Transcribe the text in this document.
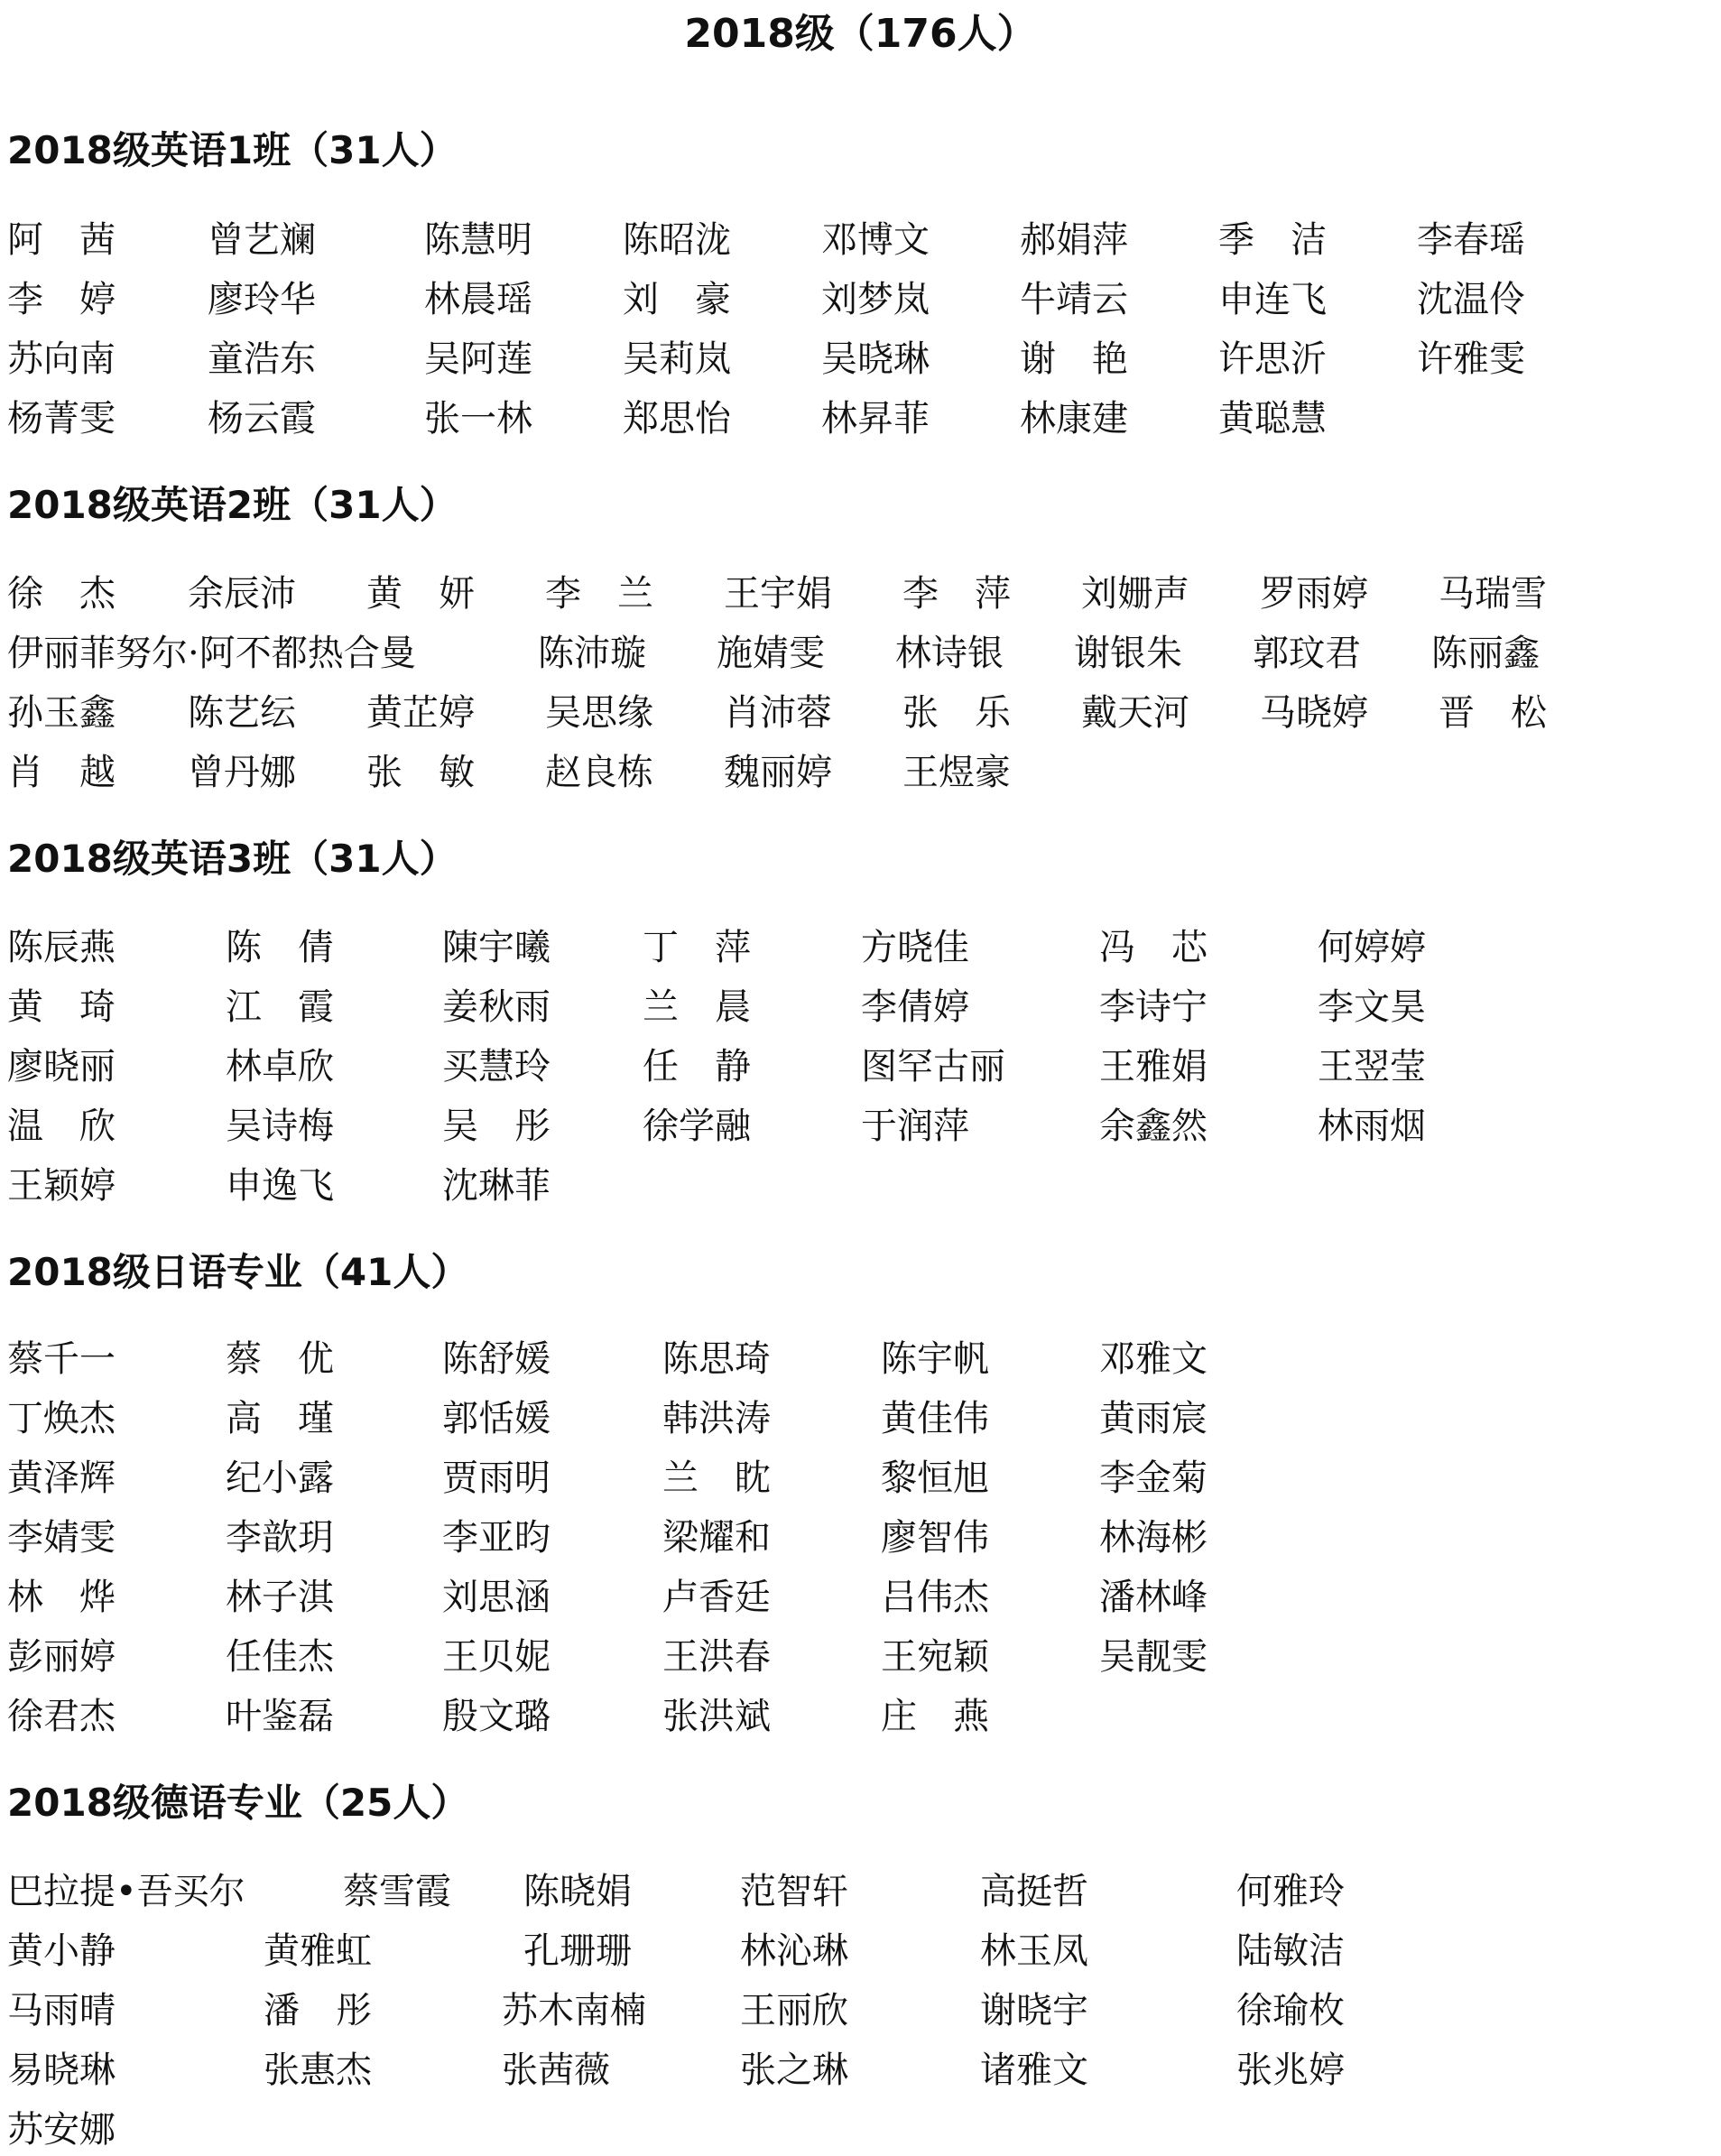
2018级（176人）
2018级英语1班（31人）
阿　茜	曾艺斓	陈慧明	陈昭泷	邓博文	郝娟萍	季　洁	李春瑶
李　婷	廖玲华	林晨瑶	刘　豪	刘梦岚	牛靖云	申连飞	沈温伶
苏向南	童浩东	吴阿莲	吴莉岚	吴晓琳	谢　艳	许思沂	许雅雯
杨菁雯	杨云霞	张一林	郑思怡	林昇菲	林康建	黄聪慧
2018级英语2班（31人）
徐　杰 余辰沛 黄　妍 李　兰 王宇娟 李　萍 刘姗声 罗雨婷 马瑞雪
伊丽菲努尔·阿不都热合曼	陈沛璇 施婧雯 林诗银 谢银朱 郭玟君 陈丽鑫
孙玉鑫 陈艺纭 黄芷婷 吴思缘 肖沛蓉 张　乐 戴天河 马晓婷 晋　松
肖　越 曾丹娜 张　敏 赵良栋 魏丽婷 王煜豪
2018级英语3班（31人）
陈辰燕	陈　倩	陳宇曦	丁　萍	方晓佳	冯　芯	何婷婷
黄　琦	江　霞	姜秋雨	兰　晨	李倩婷	李诗宁	李文昊
廖晓丽	林卓欣	买慧玲	任　静	图罕古丽	王雅娟	王翌莹
温　欣	吴诗梅	吴　彤	徐学融	于润萍	余鑫然	林雨烟
王颖婷	申逸飞	沈琳菲
2018级日语专业（41人）
蔡千一	蔡　优	陈舒媛	陈思琦	陈宇帆	邓雅文
丁焕杰	高　瑾	郭恬媛	韩洪涛	黄佳伟	黄雨宸
黄泽辉	纪小露	贾雨明	兰　眈	黎恒旭	李金菊
李婧雯	李歆玥	李亚昀	梁耀和	廖智伟	林海彬
林　烨	林子淇	刘思涵	卢香廷	吕伟杰	潘林峰
彭丽婷	任佳杰	王贝妮	王洪春	王宛颖	吴靓雯
徐君杰	叶鉴磊	殷文璐	张洪斌	庄　燕
2018级德语专业（25人）
巴拉提•吾买尔	蔡雪霞 陈晓娟	范智轩	高挺哲	何雅玲
黄小静	黄雅虹	孔珊珊	林沁琳	林玉凤	陆敏洁
马雨晴	潘　彤	苏木南楠	王丽欣	谢晓宇	徐瑜枚
易晓琳	张惠杰	张茜薇	张之琳	诸雅文	张兆婷
苏安娜
